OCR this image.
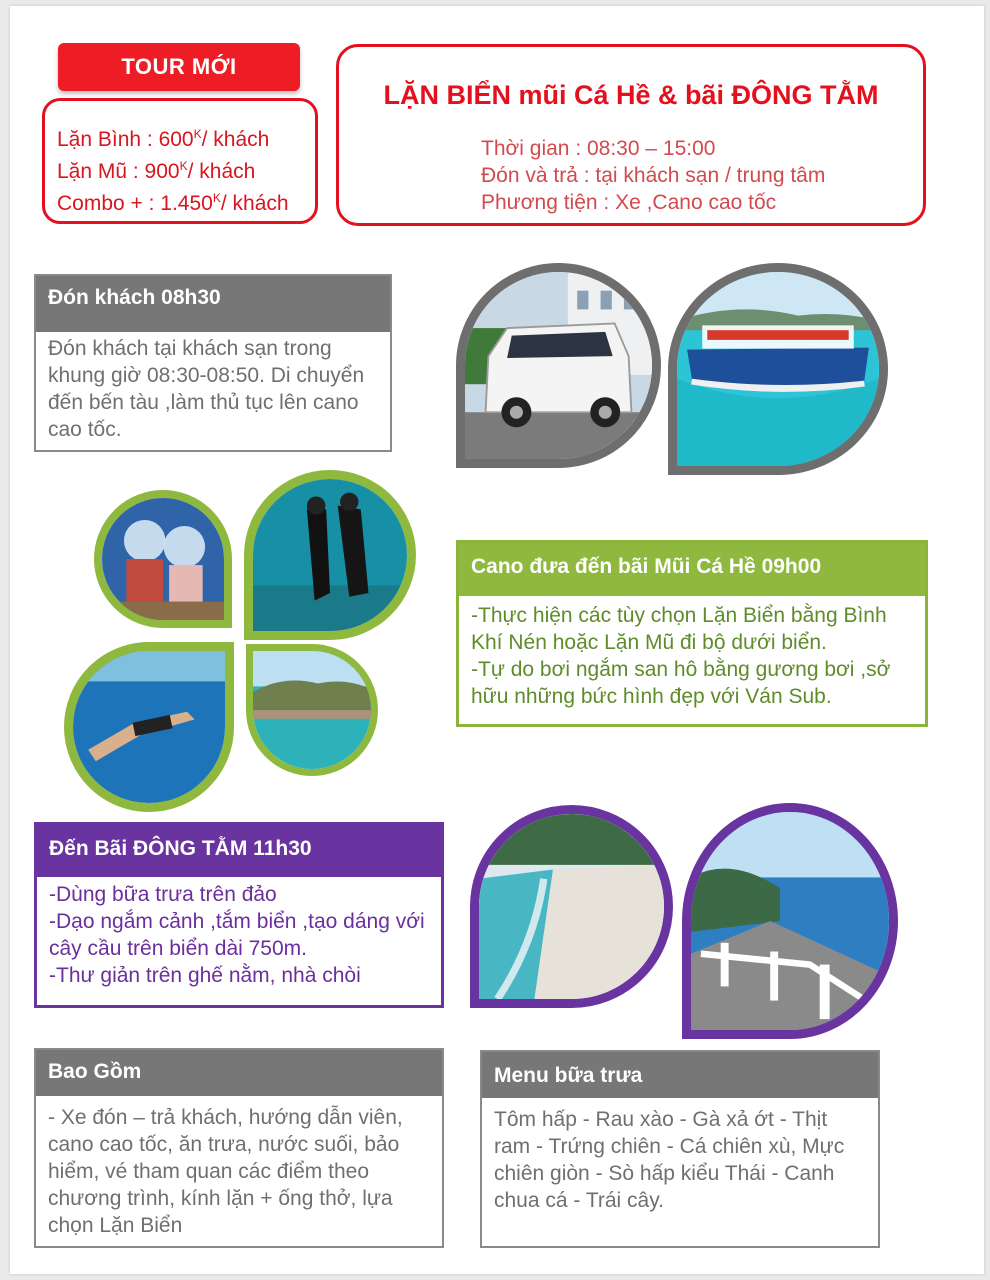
TOUR MỚI
Lặn Bình : $600^K/$ khách
Lặn Mũ : $900^K/$ khách
Combo + : $1.450^K/$ khách
LẶN BIỂN mũi Cá Hề & bãi ĐÔNG TẰM
Thời gian : 08:30 – 15:00
Đón và trả : tại khách sạn / trung tâm
Phương tiện : Xe ,Cano cao tốc
Đón khách 08h30
Đón khách tại khách sạn trong khung giờ 08:30-08:50. Di chuyển đến bến tàu ,làm thủ tục lên cano cao tốc.
Cano đưa đến bãi Mũi Cá Hề 09h00
-Thực hiện các tùy chọn Lặn Biển bằng Bình Khí Nén hoặc Lặn Mũ đi bộ dưới biển.
-Tự do bơi ngắm san hô bằng gương bơi ,sở hữu những bức hình đẹp với Ván Sub.
Đến Bãi ĐÔNG TẰM 11h30
-Dùng bữa trưa trên đảo
-Dạo ngắm cảnh ,tắm biển ,tạo dáng với cây cầu trên biển dài 750m.
-Thư giản trên ghế nằm, nhà chòi
Bao Gồm
- Xe đón – trả khách, hướng dẫn viên, cano cao tốc, ăn trưa, nước suối, bảo hiểm, vé tham quan các điểm theo chương trình, kính lặn + ống thở, lựa chọn Lặn Biển
Menu bữa trưa
Tôm hấp - Rau xào - Gà xả ớt - Thịt ram - Trứng chiên - Cá chiên xù, Mực chiên giòn - Sò hấp kiểu Thái - Canh chua cá - Trái cây.
